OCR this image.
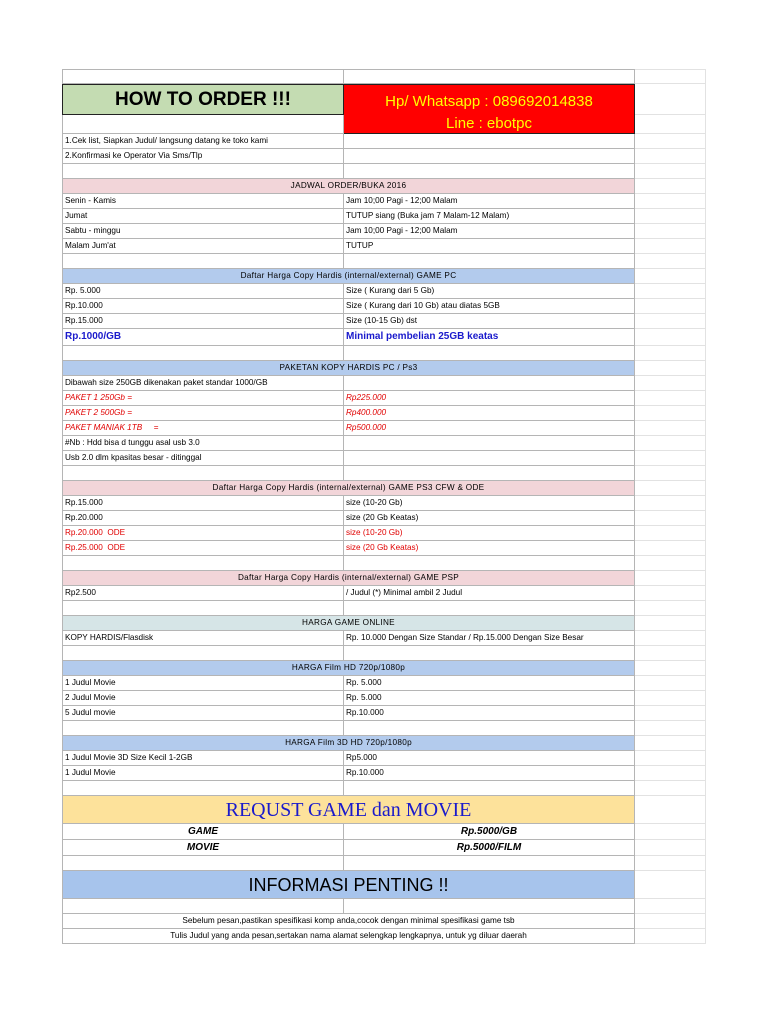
HOW TO ORDER !!!	Hp/ Whatsapp : 089692014838
Line : ebotpc
1.Cek list, Siapkan Judul/ langsung datang ke toko kami
2.Konfirmasi ke Operator Via Sms/Tlp
JADWAL ORDER/BUKA 2016
Senin - Kamis	Jam 10;00 Pagi - 12;00 Malam
Jumat	TUTUP siang (Buka jam 7 Malam-12 Malam)
Sabtu - minggu	Jam 10;00 Pagi - 12;00 Malam
Malam Jum'at	TUTUP
Daftar Harga Copy Hardis (internal/external) GAME PC
Rp. 5.000	Size ( Kurang dari 5 Gb)
Rp.10.000	Size ( Kurang dari 10 Gb) atau diatas 5GB
Rp.15.000	Size (10-15 Gb) dst
Rp.1000/GB	Minimal pembelian 25GB keatas
PAKETAN KOPY HARDIS PC / Ps3
Dibawah size 250GB dikenakan paket standar 1000/GB
PAKET 1 250Gb =	Rp225.000
PAKET 2 500Gb =	Rp400.000
PAKET MANIAK 1TB     =	Rp500.000
#Nb : Hdd bisa d tunggu asal usb 3.0
Usb 2.0 dlm kpasitas besar - ditinggal
Daftar Harga Copy Hardis (internal/external) GAME PS3 CFW & ODE
Rp.15.000	size (10-20 Gb)
Rp.20.000	size (20 Gb Keatas)
Rp.20.000  ODE	size (10-20 Gb)
Rp.25.000  ODE	size (20 Gb Keatas)
Daftar Harga Copy Hardis (internal/external) GAME PSP
Rp2.500	/ Judul (*) Minimal ambil 2 Judul
HARGA GAME ONLINE
KOPY HARDIS/Flasdisk	Rp. 10.000 Dengan Size Standar / Rp.15.000 Dengan Size Besar
HARGA Film HD 720p/1080p
1 Judul Movie	Rp. 5.000
2 Judul Movie	Rp. 5.000
5 Judul movie	Rp.10.000
HARGA Film 3D HD 720p/1080p
1 Judul Movie 3D Size Kecil 1-2GB	Rp5.000
1 Judul Movie	Rp.10.000
REQUST GAME dan MOVIE
GAME	Rp.5000/GB
MOVIE	Rp.5000/FILM
INFORMASI PENTING !!
Sebelum pesan,pastikan spesifikasi komp anda,cocok dengan minimal spesifikasi game tsb
Tulis Judul yang anda pesan,sertakan nama alamat selengkap lengkapnya, untuk yg diluar daerah
